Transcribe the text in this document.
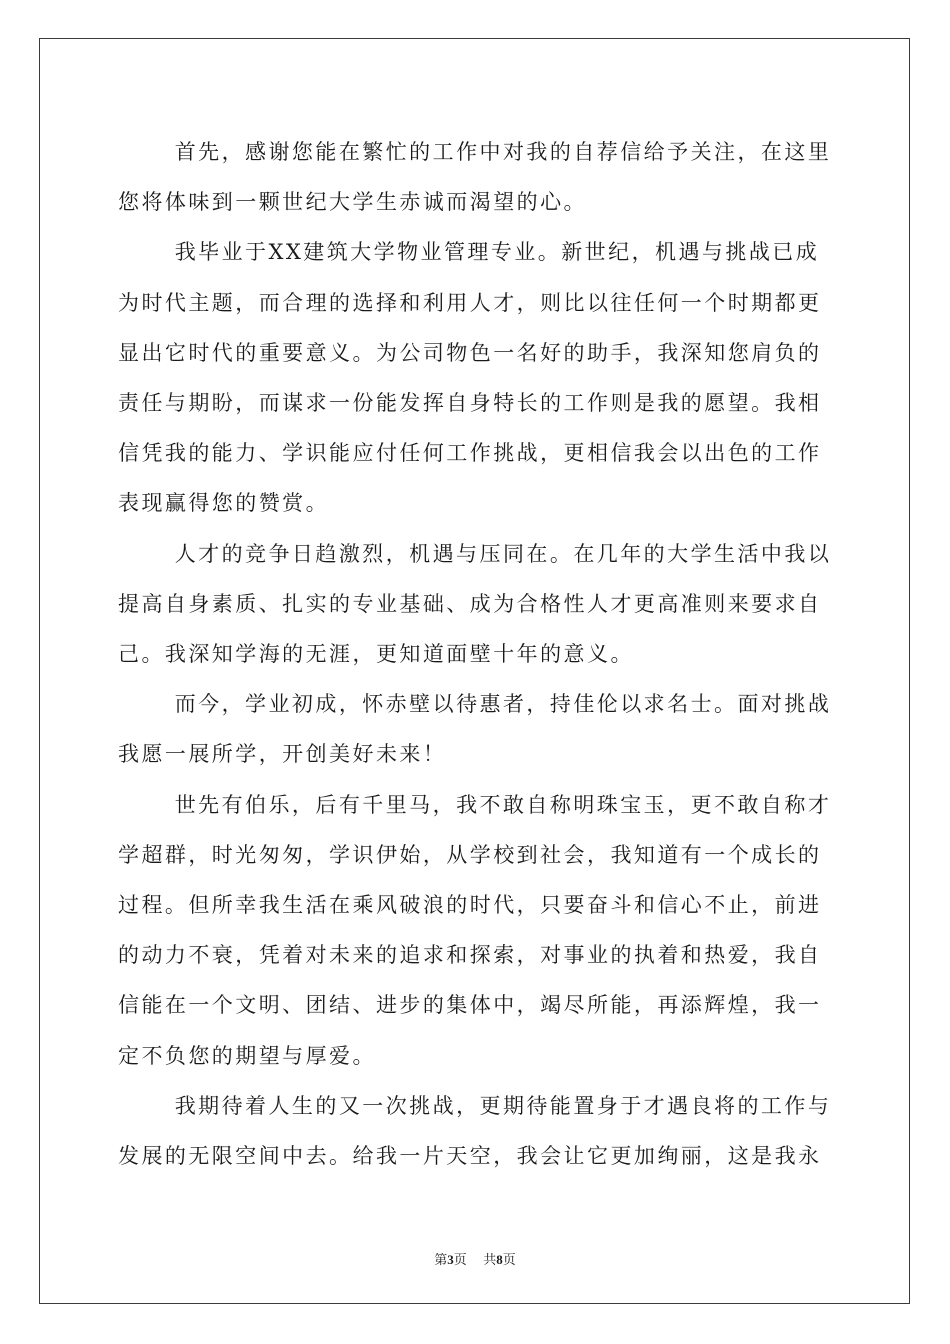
首先，感谢您能在繁忙的工作中对我的自荐信给予关注，在这里您将体味到一颗世纪大学生赤诚而渴望的心。

我毕业于XX建筑大学物业管理专业。新世纪，机遇与挑战已成为时代主题，而合理的选择和利用人才，则比以往任何一个时期都更显出它时代的重要意义。为公司物色一名好的助手，我深知您肩负的责任与期盼，而谋求一份能发挥自身特长的工作则是我的愿望。我相信凭我的能力、学识能应付任何工作挑战，更相信我会以出色的工作表现赢得您的赞赏。

人才的竞争日趋激烈，机遇与压同在。在几年的大学生活中我以提高自身素质、扎实的专业基础、成为合格性人才更高准则来要求自己。我深知学海的无涯，更知道面壁十年的意义。

而今，学业初成，怀赤壁以待惠者，持佳伦以求名士。面对挑战我愿一展所学，开创美好未来！

世先有伯乐，后有千里马，我不敢自称明珠宝玉，更不敢自称才学超群，时光匆匆，学识伊始，从学校到社会，我知道有一个成长的过程。但所幸我生活在乘风破浪的时代，只要奋斗和信心不止，前进的动力不衰，凭着对未来的追求和探索，对事业的执着和热爱，我自信能在一个文明、团结、进步的集体中，竭尽所能，再添辉煌，我一定不负您的期望与厚爱。

我期待着人生的又一次挑战，更期待能置身于才遇良将的工作与发展的无限空间中去。给我一片天空，我会让它更加绚丽，这是我永

第3页 共8页
